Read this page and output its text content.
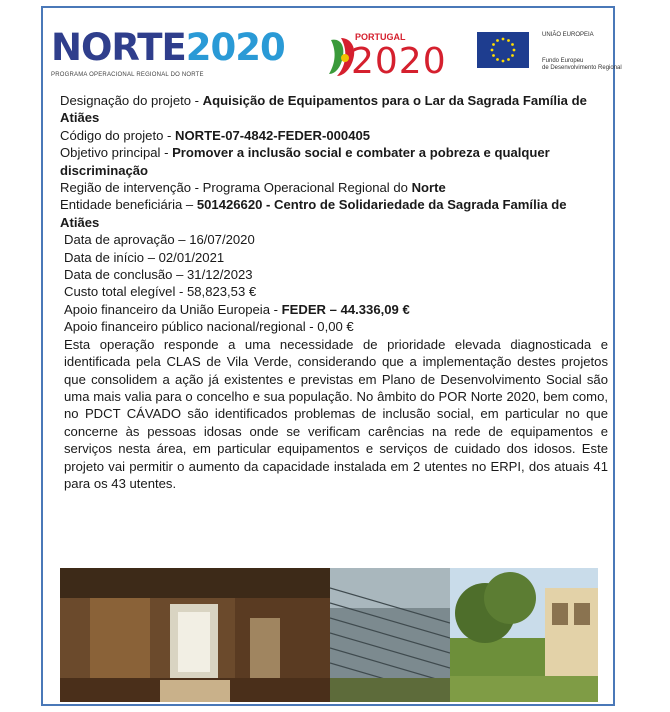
NORTE2020
PROGRAMA OPERACIONAL REGIONAL DO NORTE
PORTUGAL
2020
UNIÃO EUROPEIA
Fundo Europeu
de Desenvolvimento Regional

Designação do projeto - Aquisição de Equipamentos para o Lar da Sagrada Família de Atiães

Código do projeto - NORTE-07-4842-FEDER-000405

Objetivo principal - Promover a inclusão social e combater a pobreza e qualquer discriminação

Região de intervenção - Programa Operacional Regional do Norte

Entidade beneficiária – 501426620 - Centro de Solidariedade da Sagrada Família de Atiães

Data de aprovação – 16/07/2020

Data de início – 02/01/2021

Data de conclusão – 31/12/2023

Custo total elegível - 58,823,53 €

Apoio financeiro da União Europeia - FEDER – 44.336,09 €

Apoio financeiro público nacional/regional - 0,00 €

Esta operação responde a uma necessidade de prioridade elevada diagnosticada e identificada pela CLAS de Vila Verde, considerando que a implementação destes projetos que consolidem a ação já existentes e previstas em Plano de Desenvolvimento Social são uma mais valia para o concelho e sua população. No âmbito do POR Norte 2020, bem como, no PDCT CÁVADO são identificados problemas de inclusão social, em particular no que concerne às pessoas idosas onde se verificam carências na rede de equipamentos e serviços nesta área, em particular equipamentos e serviços de cuidado dos idosos. Este projeto vai permitir o aumento da capacidade instalada em 2 utentes no ERPI, dos atuais 41 para os 43 utentes.
